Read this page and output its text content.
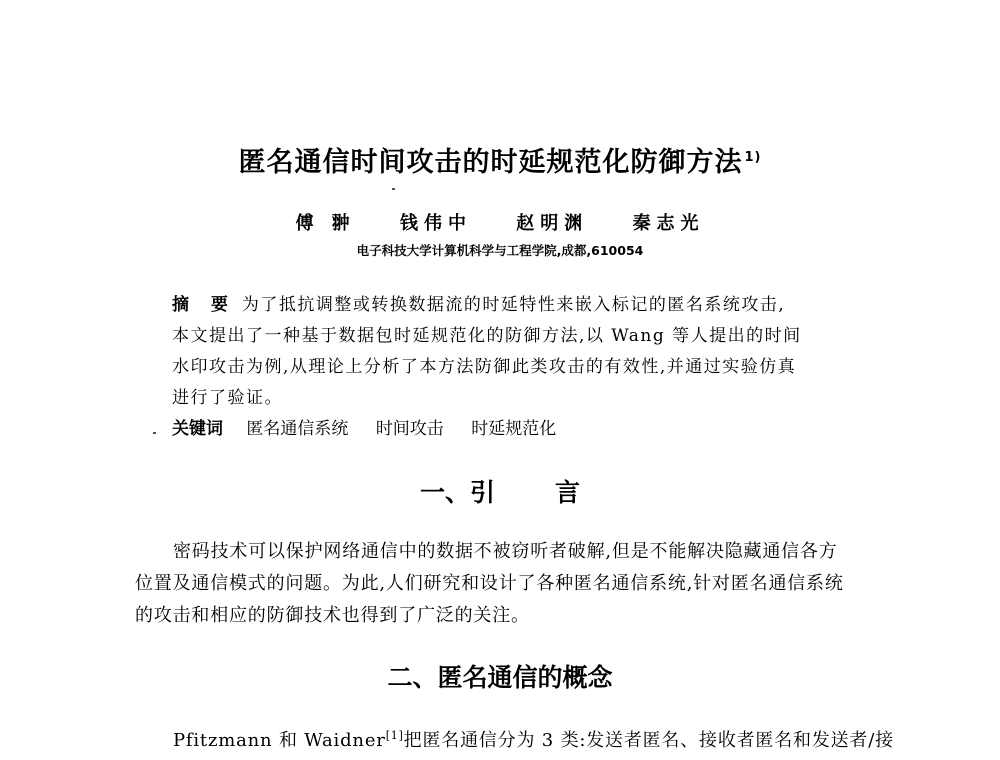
匿名通信时间攻击的时延规范化防御方法 $^{1)}$
傅 翀 钱伟中 赵明渊 秦志光
电子科技大学计算机科学与工程学院,成都,610054
摘 要 为了抵抗调整或转换数据流的时延特性来嵌入标记的匿名系统攻击,
本文提出了一种基于数据包时延规范化的防御方法,以 Wang 等人提出的时间
水印攻击为例,从理论上分析了本方法防御此类攻击的有效性,并通过实验仿真
进行了验证。
关键词 匿名通信系统 时间攻击 时延规范化
一、引 言
密码技术可以保护网络通信中的数据不被窃听者破解,但是不能解决隐藏通信各方
位置及通信模式的问题。为此,人们研究和设计了各种匿名通信系统,针对匿名通信系统
的攻击和相应的防御技术也得到了广泛的关注。
二、匿名通信的概念
Pfitzmann 和 Waidner[1]把匿名通信分为 3 类:发送者匿名、接收者匿名和发送者/接
